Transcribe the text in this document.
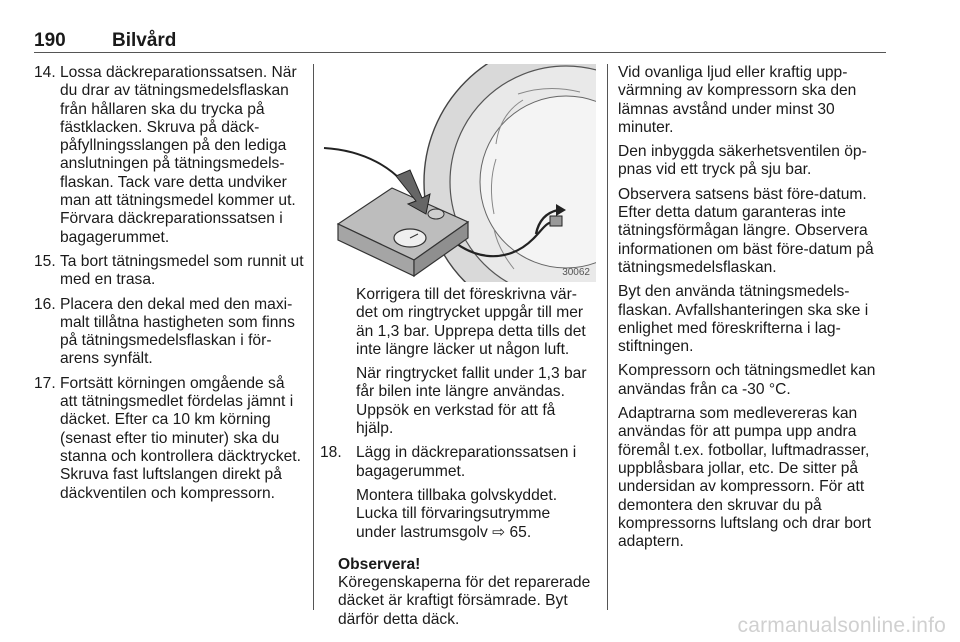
190 Bilvård
14. Lossa däckreparationssatsen. När du drar av tätningsmedelsflaskan från hållaren ska du trycka på fästklacken. Skruva på däckpåfyllningsslangen på den lediga anslutningen på tätningsmedelsflaskan. Tack vare detta undviker man att tätningsmedel kommer ut. Förvara däckreparationssatsen i bagagerummet.
15. Ta bort tätningsmedel som runnit ut med en trasa.
16. Placera den dekal med den maximalt tillåtna hastigheten som finns på tätningsmedelsflaskan i förarens synfält.
17. Fortsätt körningen omgående så att tätningsmedlet fördelas jämnt i däcket. Efter ca 10 km körning (senast efter tio minuter) ska du stanna och kontrollera däcktrycket. Skruva fast luftslangen direkt på däckventilen och kompressorn.
30062

Korrigera till det föreskrivna värdet om ringtrycket uppgår till mer än 1,3 bar. Upprepa detta tills det inte längre läcker ut någon luft.

När ringtrycket fallit under 1,3 bar får bilen inte längre användas. Uppsök en verkstad för att få hjälp.

18. Lägg in däckreparationssatsen i bagagerummet.

Montera tillbaka golvskyddet. Lucka till förvaringsutrymme under lastrumsgolv ⇨ 65.

Observera!

Köregenskaperna för det reparerade däcket är kraftigt försämrade. Byt därför detta däck.

Vid ovanliga ljud eller kraftig uppvärmning av kompressorn ska den lämnas avstånd under minst 30 minuter.

Den inbyggda säkerhetsventilen öppnas vid ett tryck på sju bar.

Observera satsens bäst före-datum. Efter detta datum garanteras inte tätningsförmågan längre. Observera informationen om bäst före-datum på tätningsmedelsflaskan.

Byt den använda tätningsmedelsflaskan. Avfallshanteringen ska ske i enlighet med föreskrifterna i lagstiftningen.

Kompressorn och tätningsmedlet kan användas från ca -30 °C.

Adaptrarna som medlevereras kan användas för att pumpa upp andra föremål t.ex. fotbollar, luftmadrasser, uppblåsbara jollar, etc. De sitter på undersidan av kompressorn. För att demontera den skruvar du på kompressorns luftslang och drar bort adaptern.

carmanualsonline.info
